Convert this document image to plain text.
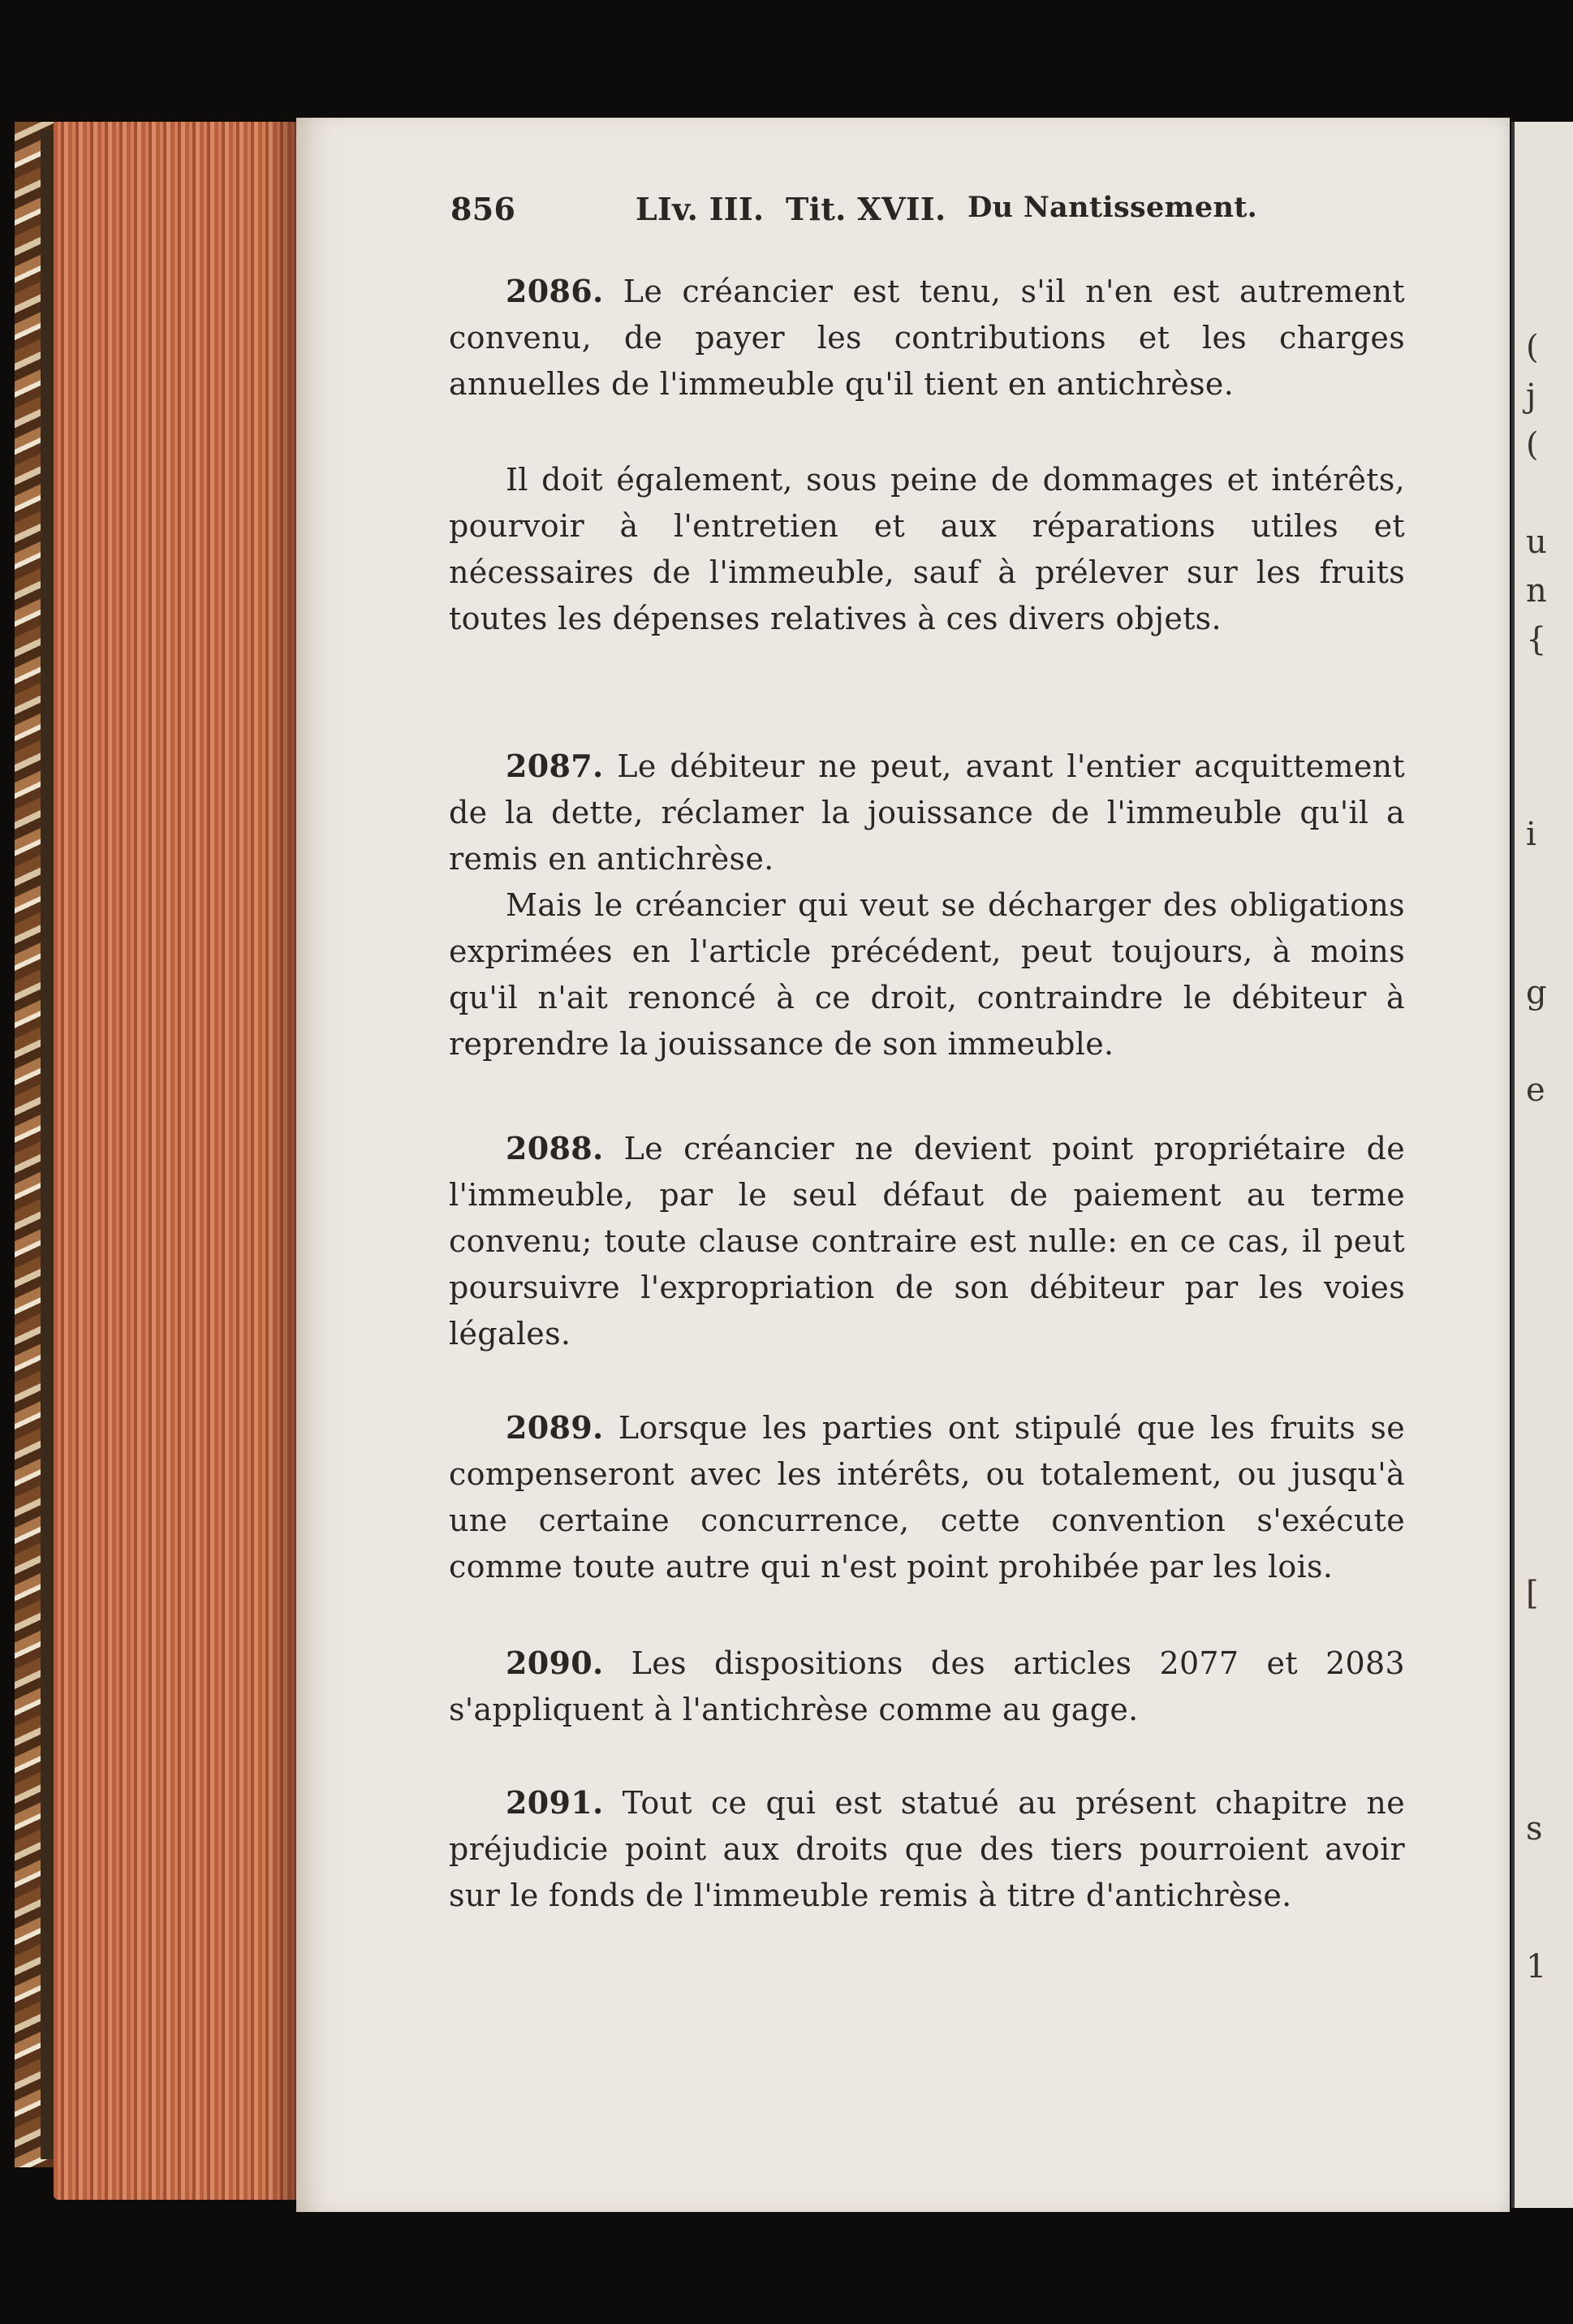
(
j
(
u
n
{
i
g
e
[
s
1
856	LIv. III. Tit. XVII. Du Nantissement.
2086. Le créancier est tenu, s'il n'en est autrement convenu, de payer les contributions et les charges annuelles de l'immeuble qu'il tient en antichrèse.
Il doit également, sous peine de dommages et intérêts, pourvoir à l'entretien et aux réparations utiles et nécessaires de l'immeuble, sauf à prélever sur les fruits toutes les dépenses relatives à ces divers objets.
2087. Le débiteur ne peut, avant l'entier acquittement de la dette, réclamer la jouissance de l'immeuble qu'il a remis en antichrèse.
Mais le créancier qui veut se décharger des obligations exprimées en l'article précédent, peut toujours, à moins qu'il n'ait renoncé à ce droit, contraindre le débiteur à reprendre la jouissance de son immeuble.
2088. Le créancier ne devient point propriétaire de l'immeuble, par le seul défaut de paiement au terme convenu; toute clause contraire est nulle: en ce cas, il peut poursuivre l'expropriation de son débiteur par les voies légales.
2089. Lorsque les parties ont stipulé que les fruits se compenseront avec les intérêts, ou totalement, ou jusqu'à une certaine concurrence, cette convention s'exécute comme toute autre qui n'est point prohibée par les lois.
2090. Les dispositions des articles 2077 et 2083 s'appliquent à l'antichrèse comme au gage.
2091. Tout ce qui est statué au présent chapitre ne préjudicie point aux droits que des tiers pourroient avoir sur le fonds de l'immeuble remis à titre d'antichrèse.
